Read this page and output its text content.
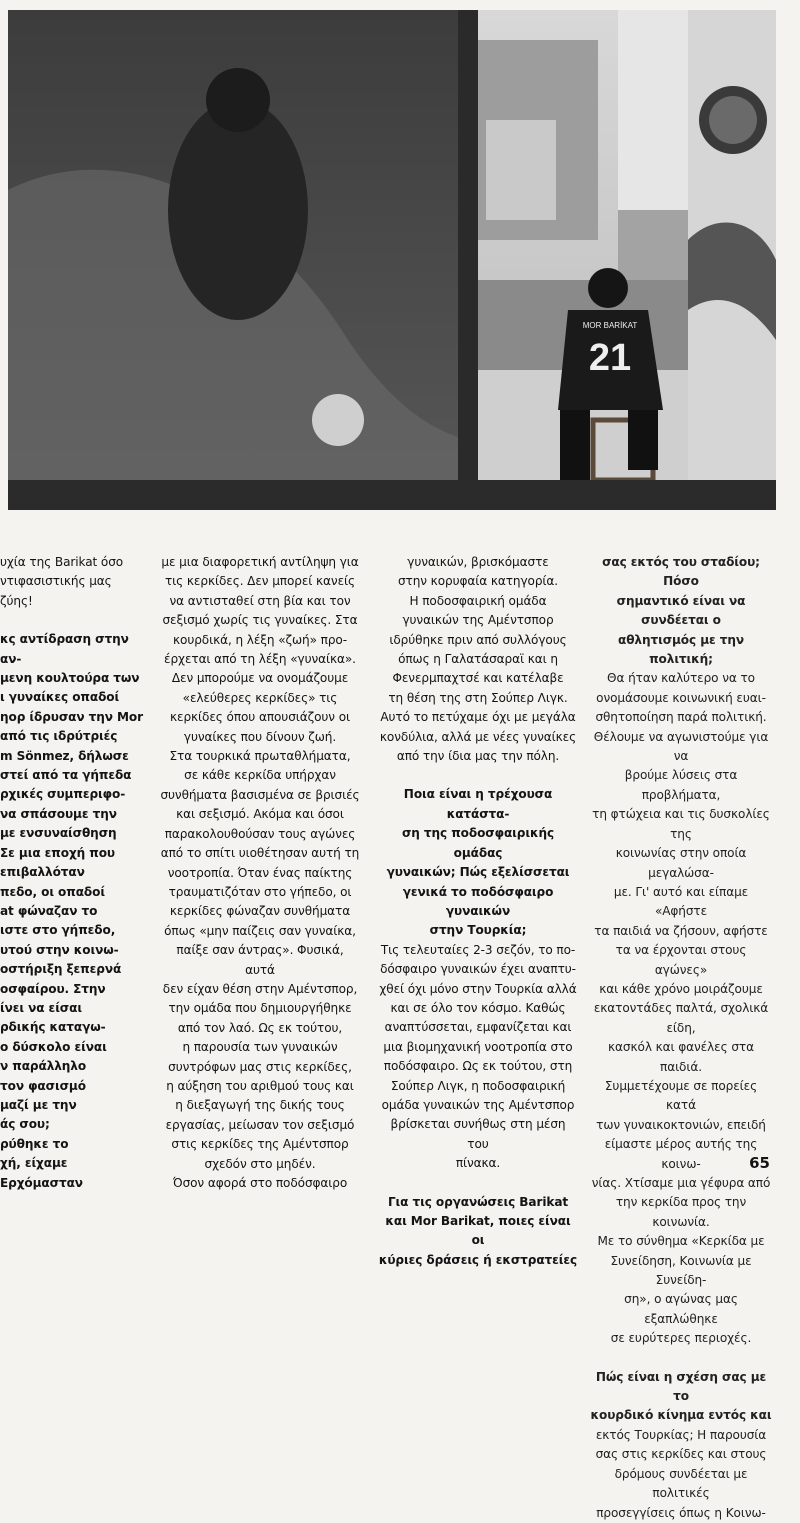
MOR BARİKAT
21

υχία της Barikat όσο

ντιφασιστικής μας

ζύης!

κς αντίδραση στην αν-

μενη κουλτούρα των

ι γυναίκες οπαδοί

ηορ ίδρυσαν την Mor

από τις ιδρύτριές

m Sönmez, δήλωσε

στεί από τα γήπεδα

ρχικές συμπεριφο-

να σπάσουμε την

με ενσυναίσθηση

Σε μια εποχή που

επιβαλλόταν

πεδο, οι οπαδοί

at φώναζαν το

ιστε στο γήπεδο,

υτού στην κοινω-

οστήριξη ξεπερνά

οσφαίρου. Στην

ίνει να είσαι

ρδικής καταγω-

ο δύσκολο είναι

ν παράλληλο

τον φασισμό

μαζί με την

άς σου;

ρύθηκε το

χή, είχαμε

Ερχόμασταν

με μια διαφορετική αντίληψη για

τις κερκίδες. Δεν μπορεί κανείς

να αντισταθεί στη βία και τον

σεξισμό χωρίς τις γυναίκες. Στα

κουρδικά, η λέξη «ζωή» προ-

έρχεται από τη λέξη «γυναίκα».

Δεν μπορούμε να ονομάζουμε

«ελεύθερες κερκίδες» τις

κερκίδες όπου απουσιάζουν οι

γυναίκες που δίνουν ζωή.

Στα τουρκικά πρωταθλήματα,

σε κάθε κερκίδα υπήρχαν

συνθήματα βασισμένα σε βρισιές

και σεξισμό. Ακόμα και όσοι

παρακολουθούσαν τους αγώνες

από το σπίτι υιοθέτησαν αυτή τη

νοοτροπία. Όταν ένας παίκτης

τραυματιζόταν στο γήπεδο, οι

κερκίδες φώναζαν συνθήματα

όπως «μην παίζεις σαν γυναίκα,

παίξε σαν άντρας». Φυσικά, αυτά

δεν είχαν θέση στην Αμέντσπορ,

την ομάδα που δημιουργήθηκε

από τον λαό. Ως εκ τούτου,

η παρουσία των γυναικών

συντρόφων μας στις κερκίδες,

η αύξηση του αριθμού τους και

η διεξαγωγή της δικής τους

εργασίας, μείωσαν τον σεξισμό

στις κερκίδες της Αμέντσπορ

σχεδόν στο μηδέν.

Όσον αφορά στο ποδόσφαιρο

γυναικών, βρισκόμαστε

στην κορυφαία κατηγορία.

Η ποδοσφαιρική ομάδα

γυναικών της Αμέντσπορ

ιδρύθηκε πριν από συλλόγους

όπως η Γαλατάσαραϊ και η

Φενερμπαχτσέ και κατέλαβε

τη θέση της στη Σούπερ Λιγκ.

Αυτό το πετύχαμε όχι με μεγάλα

κονδύλια, αλλά με νέες γυναίκες

από την ίδια μας την πόλη.

Ποια είναι η τρέχουσα κατάστα-

ση της ποδοσφαιρικής ομάδας

γυναικών; Πώς εξελίσσεται

γενικά το ποδόσφαιρο γυναικών

στην Τουρκία;

Τις τελευταίες 2-3 σεζόν, το πο-

δόσφαιρο γυναικών έχει αναπτυ-

χθεί όχι μόνο στην Τουρκία αλλά

και σε όλο τον κόσμο. Καθώς

αναπτύσσεται, εμφανίζεται και

μια βιομηχανική νοοτροπία στο

ποδόσφαιρο. Ως εκ τούτου, στη

Σούπερ Λιγκ, η ποδοσφαιρική

ομάδα γυναικών της Αμέντσπορ

βρίσκεται συνήθως στη μέση του

πίνακα.

Για τις οργανώσεις Barikat

και Mor Barikat, ποιες είναι οι

κύριες δράσεις ή εκστρατείες

σας εκτός του σταδίου; Πόσο

σημαντικό είναι να συνδέεται ο

αθλητισμός με την πολιτική;

Θα ήταν καλύτερο να το

ονομάσουμε κοινωνική ευαι-

σθητοποίηση παρά πολιτική.

Θέλουμε να αγωνιστούμε για να

βρούμε λύσεις στα προβλήματα,

τη φτώχεια και τις δυσκολίες της

κοινωνίας στην οποία μεγαλώσα-

με. Γι' αυτό και είπαμε «Αφήστε

τα παιδιά να ζήσουν, αφήστε

τα να έρχονται στους αγώνες»

και κάθε χρόνο μοιράζουμε

εκατοντάδες παλτά, σχολικά είδη,

κασκόλ και φανέλες στα παιδιά.

Συμμετέχουμε σε πορείες κατά

των γυναικοκτονιών, επειδή

είμαστε μέρος αυτής της κοινω-

νίας. Χτίσαμε μια γέφυρα από

την κερκίδα προς την κοινωνία.

Με το σύνθημα «Κερκίδα με

Συνείδηση, Κοινωνία με Συνείδη-

ση», ο αγώνας μας εξαπλώθηκε

σε ευρύτερες περιοχές.

Πώς είναι η σχέση σας με το

κουρδικό κίνημα εντός και

εκτός Τουρκίας; Η παρουσία

σας στις κερκίδες και στους

δρόμους συνδέεται με πολιτικές

προσεγγίσεις όπως η Κοινω-

65
